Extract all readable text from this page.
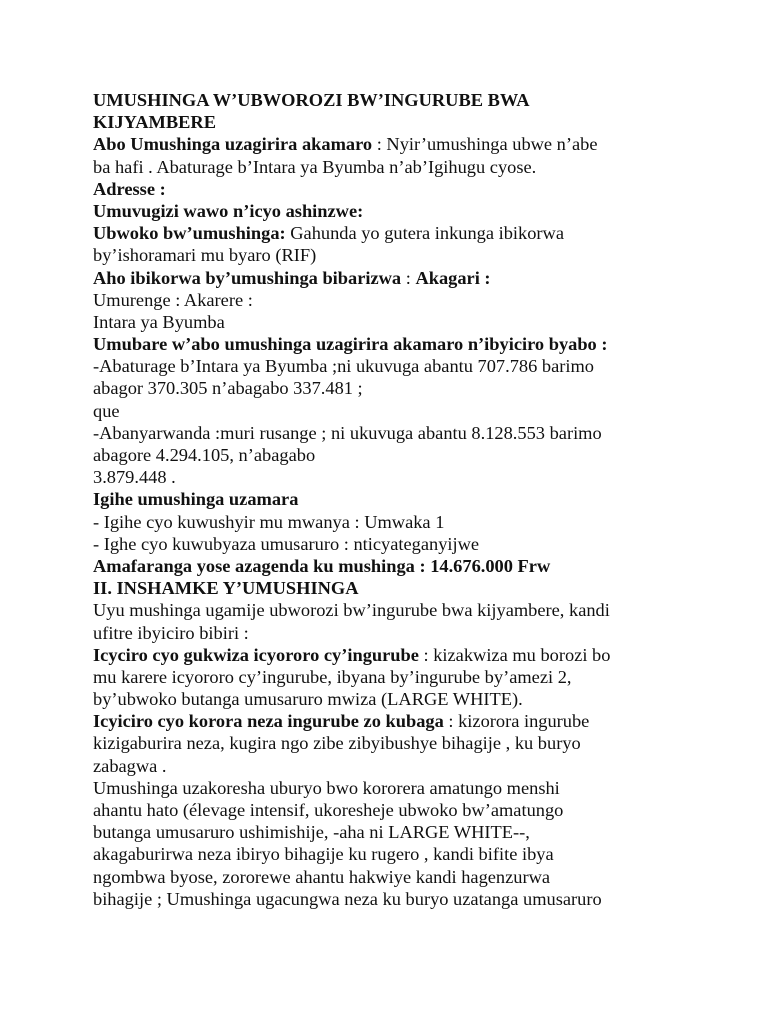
UMUSHINGA W’UBWOROZI BW’INGURUBE BWA
KIJYAMBERE
Abo Umushinga uzagirira akamaro : Nyir’umushinga ubwe n’abe
ba hafi . Abaturage b’Intara ya Byumba n’ab’Igihugu cyose.
Adresse :
Umuvugizi wawo n’icyo ashinzwe:
Ubwoko bw’umushinga: Gahunda yo gutera inkunga ibikorwa
by’ishoramari mu byaro (RIF)
Aho ibikorwa by’umushinga bibarizwa : Akagari :
Umurenge : Akarere :
Intara ya Byumba
Umubare w’abo umushinga uzagirira akamaro n’ibyiciro byabo :
-Abaturage b’Intara ya Byumba ;ni ukuvuga abantu 707.786 barimo
abagor 370.305 n’abagabo 337.481 ;
que
-Abanyarwanda :muri rusange ; ni ukuvuga abantu 8.128.553 barimo
abagore 4.294.105, n’abagabo
3.879.448 .
Igihe umushinga uzamara
- Igihe cyo kuwushyir mu mwanya : Umwaka 1
- Ighe cyo kuwubyaza umusaruro : nticyateganyijwe
Amafaranga yose azagenda ku mushinga : 14.676.000 Frw
II. INSHAMKE Y’UMUSHINGA
Uyu mushinga ugamije ubworozi bw’ingurube bwa kijyambere, kandi
ufitre ibyiciro bibiri :
Icyciro cyo gukwiza icyororo cy’ingurube : kizakwiza mu borozi bo
mu karere icyororo cy’ingurube, ibyana by’ingurube by’amezi 2,
by’ubwoko butanga umusaruro mwiza (LARGE WHITE).
Icyiciro cyo korora neza ingurube zo kubaga : kizorora ingurube
kizigaburira neza, kugira ngo zibe zibyibushye bihagije , ku buryo
zabagwa .
Umushinga uzakoresha uburyo bwo kororera amatungo menshi
ahantu hato (élevage intensif, ukoresheje ubwoko bw’amatungo
butanga umusaruro ushimishije, -aha ni LARGE WHITE--,
akagaburirwa neza ibiryo bihagije ku rugero , kandi bifite ibya
ngombwa byose, zororewe ahantu hakwiye kandi hagenzurwa
bihagije ; Umushinga ugacungwa neza ku buryo uzatanga umusaruro
